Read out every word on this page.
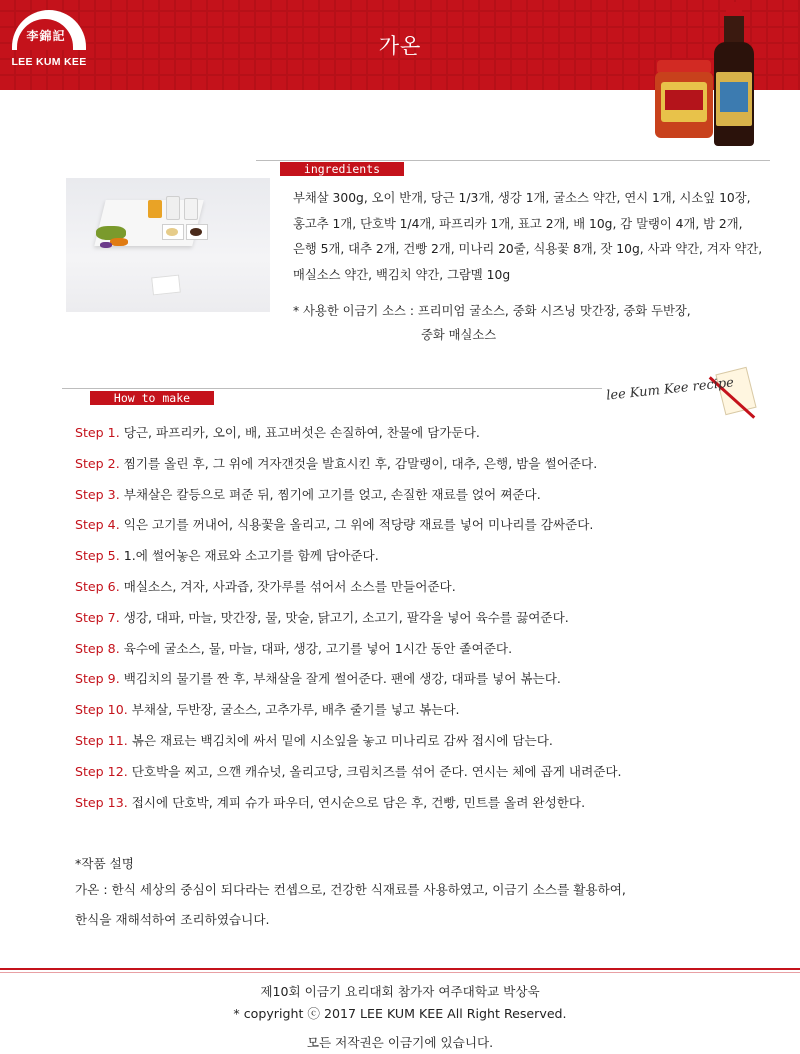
李錦記
LEE KUM KEE
가온
ingredients

부채살 300g, 오이 반개, 당근 1/3개, 생강 1개, 굴소스 약간, 연시 1개, 시소잎 10장,

홍고추 1개, 단호박 1/4개, 파프리카 1개, 표고 2개, 배 10g, 감 말랭이 4개, 밤 2개,

은행 5개, 대추 2개, 건빵 2개, 미나리 20줄, 식용꽃 8개, 잣 10g, 사과 약간, 겨자 약간,

매실소스 약간, 백김치 약간, 그람멜 10g

* 사용한 이금기 소스 : 프리미엄 굴소스, 중화 시즈닝 맛간장, 중화 두반장,
중화 매실소스
How to make	lee Kum Kee recipe
Step 1. 당근, 파프리카, 오이, 배, 표고버섯은 손질하여, 찬물에 담가둔다.
Step 2. 찜기를 올린 후, 그 위에 겨자갠것을 발효시킨 후, 감말랭이, 대추, 은행, 밤을 썰어준다.
Step 3. 부채살은 칼등으로 펴준 뒤, 찜기에 고기를 얹고, 손질한 재료를 얹어 쪄준다.
Step 4. 익은 고기를 꺼내어, 식용꽃을 올리고, 그 위에 적당량 재료를 넣어 미나리를 감싸준다.
Step 5. 1.에 썰어놓은 재료와 소고기를 함께 담아준다.
Step 6. 매실소스, 겨자, 사과즙, 잣가루를 섞어서 소스를 만들어준다.
Step 7. 생강, 대파, 마늘, 맛간장, 물, 맛술, 닭고기, 소고기, 팔각을 넣어 육수를 끓여준다.
Step 8. 육수에 굴소스, 물, 마늘, 대파, 생강, 고기를 넣어 1시간 동안 졸여준다.
Step 9. 백김치의 물기를 짠 후, 부채살을 잘게 썰어준다. 팬에 생강, 대파를 넣어 볶는다.
Step 10. 부채살, 두반장, 굴소스, 고추가루, 배추 줄기를 넣고 볶는다.
Step 11. 볶은 재료는 백김치에 싸서 밑에 시소잎을 놓고 미나리로 감싸 접시에 담는다.
Step 12. 단호박을 찌고, 으깬 캐슈넛, 올리고당, 크림치즈를 섞어 준다. 연시는 체에 곱게 내려준다.
Step 13. 접시에 단호박, 계피 슈가 파우더, 연시순으로 담은 후, 건빵, 민트를 올려 완성한다.
*작품 설명
가온 : 한식 세상의 중심이 되다라는 컨셉으로, 건강한 식재료를 사용하였고, 이금기 소스를 활용하여,
한식을 재해석하여 조리하였습니다.
제10회 이금기 요리대회 참가자 여주대학교 박상욱
* copyright ⓒ 2017 LEE KUM KEE All Right Reserved.
모든 저작권은 이금기에 있습니다.
